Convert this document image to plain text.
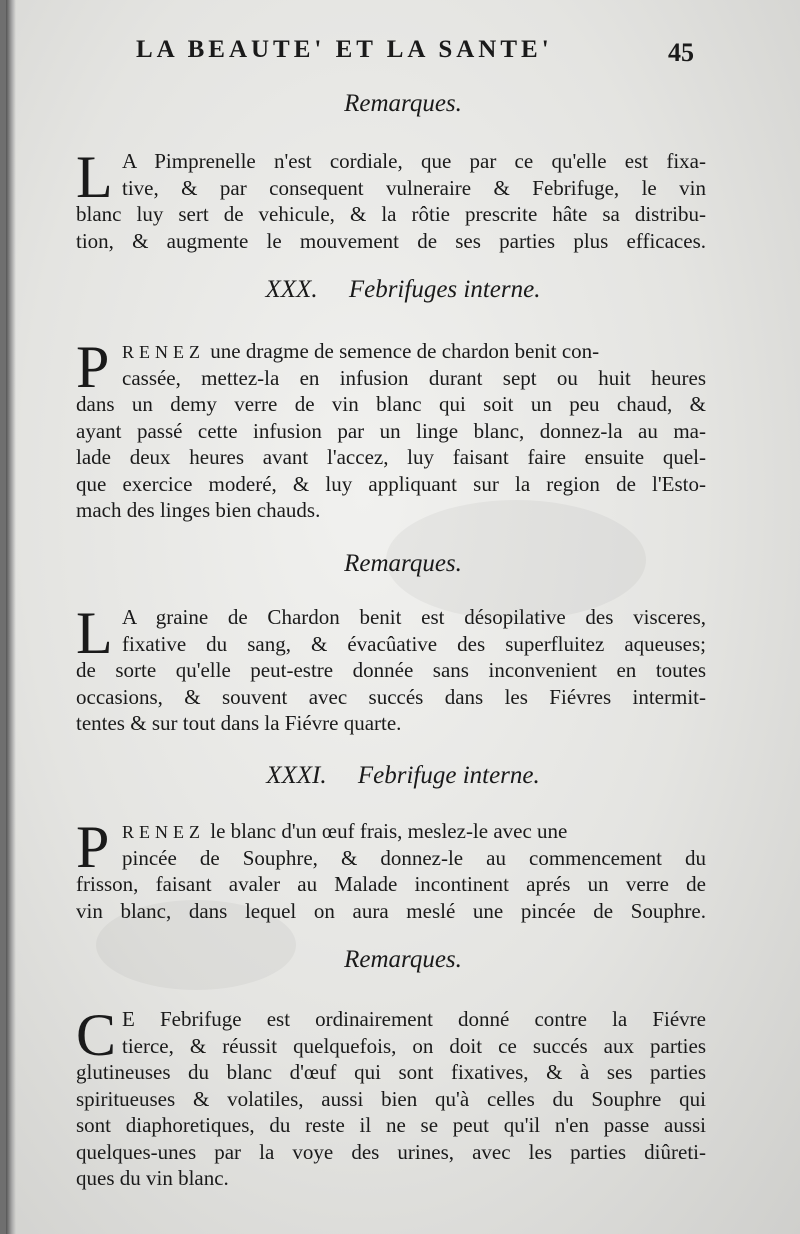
LA BEAUTE' ET LA SANTE'	45
Remarques.
L A Pimprenelle n'est cordiale, que par ce qu'elle est fixa-
tive, & par consequent vulneraire & Febrifuge, le vin
blanc luy sert de vehicule, & la rôtie prescrite hâte sa distribu-
tion, & augmente le mouvement de ses parties plus efficaces.
XXX.     Febrifuges interne.
P RENEZ une dragme de semence de chardon benit con-
cassée, mettez-la en infusion durant sept ou huit heures
dans un demy verre de vin blanc qui soit un peu chaud, &
ayant passé cette infusion par un linge blanc, donnez-la au ma-
lade deux heures avant l'accez, luy faisant faire ensuite quel-
que exercice moderé, & luy appliquant sur la region de l'Esto-
mach des linges bien chauds.
Remarques.
L A graine de Chardon benit est désopilative des visceres,
fixative du sang, & évacûative des superfluitez aqueuses;
de sorte qu'elle peut-estre donnée sans inconvenient en toutes
occasions, & souvent avec succés dans les Fiévres intermit-
tentes & sur tout dans la Fiévre quarte.
XXXI.     Febrifuge interne.
P RENEZ le blanc d'un œuf frais, meslez-le avec une
pincée de Souphre, & donnez-le au commencement du
frisson, faisant avaler au Malade incontinent aprés un verre de
vin blanc, dans lequel on aura meslé une pincée de Souphre.
Remarques.
C E Febrifuge est ordinairement donné contre la Fiévre
tierce, & réussit quelquefois, on doit ce succés aux parties
glutineuses du blanc d'œuf qui sont fixatives, & à ses parties
spiritueuses & volatiles, aussi bien qu'à celles du Souphre qui
sont diaphoretiques, du reste il ne se peut qu'il n'en passe aussi
quelques-unes par la voye des urines, avec les parties diûreti-
ques du vin blanc.
